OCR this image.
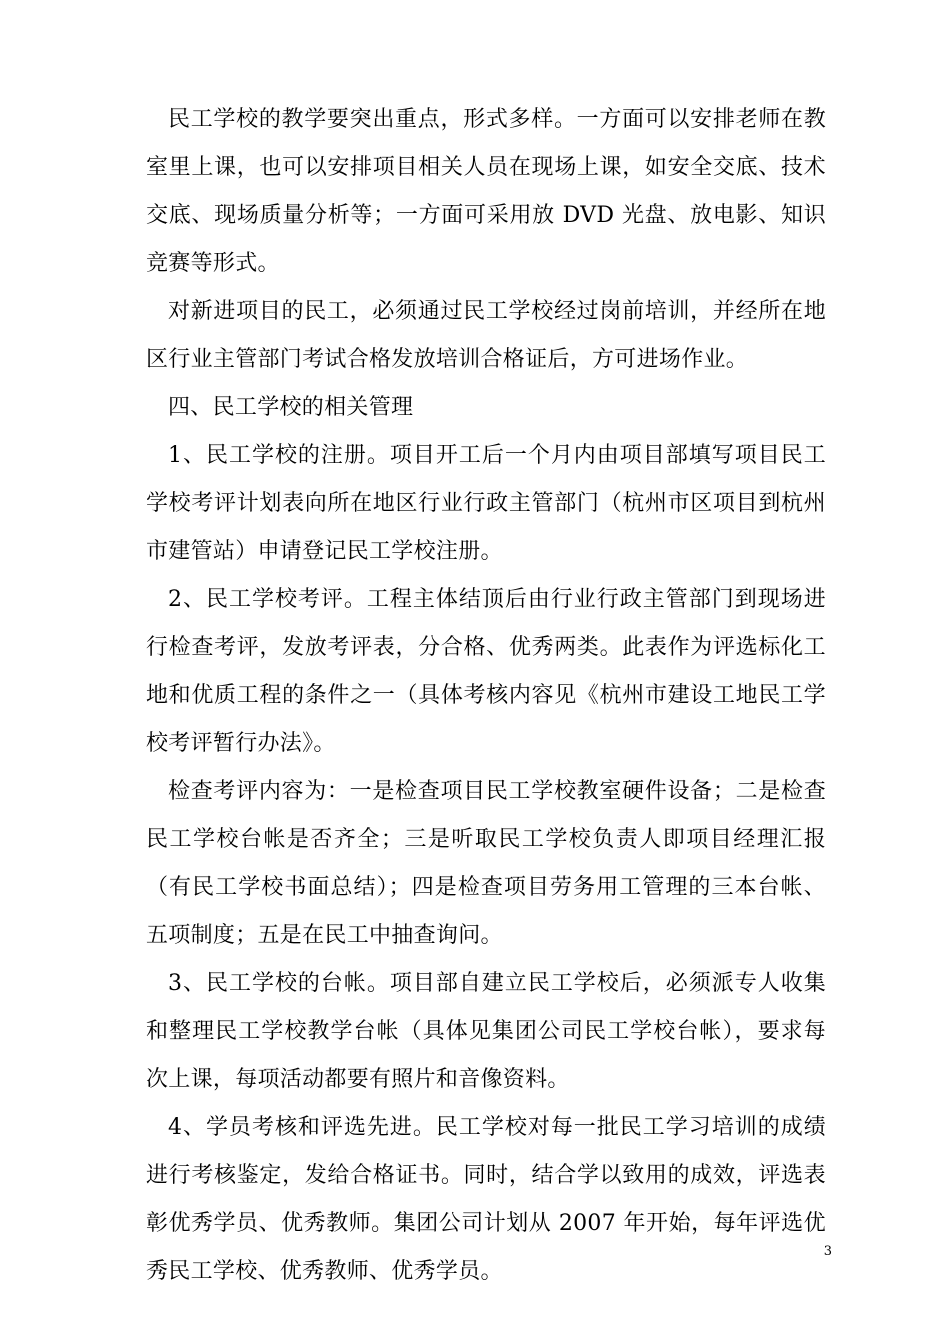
民工学校的教学要突出重点，形式多样。一方面可以安排老师在教室里上课，也可以安排项目相关人员在现场上课，如安全交底、技术交底、现场质量分析等；一方面可采用放 DVD 光盘、放电影、知识竞赛等形式。

对新进项目的民工，必须通过民工学校经过岗前培训，并经所在地区行业主管部门考试合格发放培训合格证后，方可进场作业。

四、民工学校的相关管理

1、民工学校的注册。项目开工后一个月内由项目部填写项目民工学校考评计划表向所在地区行业行政主管部门（杭州市区项目到杭州市建管站）申请登记民工学校注册。

2、民工学校考评。工程主体结顶后由行业行政主管部门到现场进行检查考评，发放考评表，分合格、优秀两类。此表作为评选标化工地和优质工程的条件之一（具体考核内容见《杭州市建设工地民工学校考评暂行办法》。

检查考评内容为：一是检查项目民工学校教室硬件设备；二是检查民工学校台帐是否齐全；三是听取民工学校负责人即项目经理汇报（有民工学校书面总结）；四是检查项目劳务用工管理的三本台帐、五项制度；五是在民工中抽查询问。

3、民工学校的台帐。项目部自建立民工学校后，必须派专人收集和整理民工学校教学台帐（具体见集团公司民工学校台帐），要求每次上课，每项活动都要有照片和音像资料。

4、学员考核和评选先进。民工学校对每一批民工学习培训的成绩进行考核鉴定，发给合格证书。同时，结合学以致用的成效，评选表彰优秀学员、优秀教师。集团公司计划从 2007 年开始，每年评选优秀民工学校、优秀教师、优秀学员。

3
